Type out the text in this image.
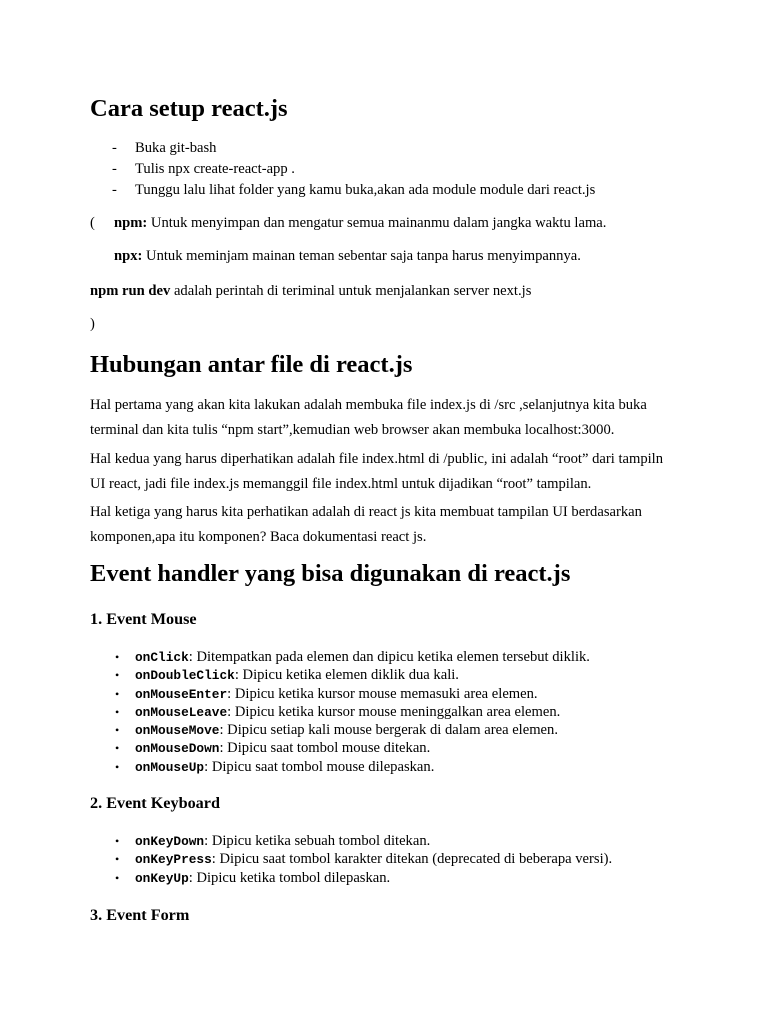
Cara setup react.js
- Buka git-bash
- Tulis npx create-react-app .
- Tunggu lalu lihat folder yang kamu buka,akan ada module module dari react.js
( npm: Untuk menyimpan dan mengatur semua mainanmu dalam jangka waktu lama.
npx: Untuk meminjam mainan teman sebentar saja tanpa harus menyimpannya.
npm run dev adalah perintah di teriminal untuk menjalankan server next.js
)
Hubungan antar file di react.js

Hal pertama yang akan kita lakukan adalah membuka file index.js di /src ,selanjutnya kita buka terminal dan kita tulis “npm start”,kemudian web browser akan membuka localhost:3000.

Hal kedua yang harus diperhatikan adalah file index.html di /public, ini adalah “root” dari tampiln UI react, jadi file index.js memanggil file index.html untuk dijadikan “root” tampilan.

Hal ketiga yang harus kita perhatikan adalah di react js kita membuat tampilan UI berdasarkan komponen,apa itu komponen? Baca dokumentasi react js.

Event handler yang bisa digunakan di react.js
1. Event Mouse
• onClick: Ditempatkan pada elemen dan dipicu ketika elemen tersebut diklik.
• onDoubleClick: Dipicu ketika elemen diklik dua kali.
• onMouseEnter: Dipicu ketika kursor mouse memasuki area elemen.
• onMouseLeave: Dipicu ketika kursor mouse meninggalkan area elemen.
• onMouseMove: Dipicu setiap kali mouse bergerak di dalam area elemen.
• onMouseDown: Dipicu saat tombol mouse ditekan.
• onMouseUp: Dipicu saat tombol mouse dilepaskan.
2. Event Keyboard
• onKeyDown: Dipicu ketika sebuah tombol ditekan.
• onKeyPress: Dipicu saat tombol karakter ditekan (deprecated di beberapa versi).
• onKeyUp: Dipicu ketika tombol dilepaskan.
3. Event Form
